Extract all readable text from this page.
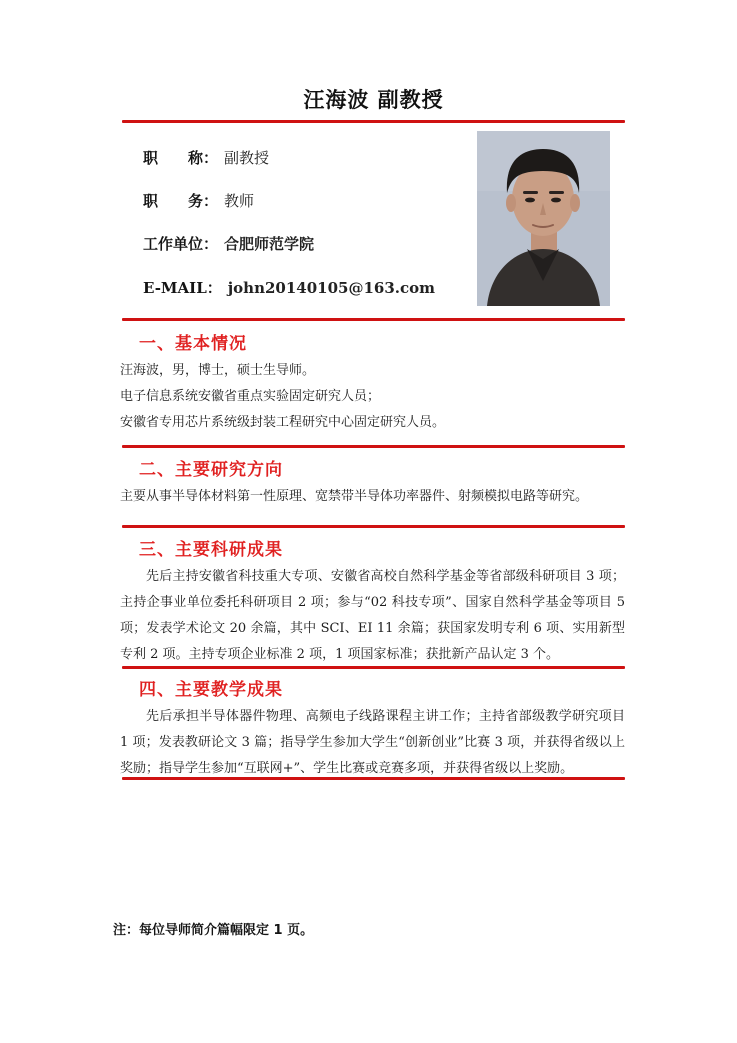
汪海波 副教授
职　　称： 副教授
职　　务： 教师
工作单位： 合肥师范学院
E-MAIL： john20140105@163.com
一、基本情况

汪海波，男，博士，硕士生导师。

电子信息系统安徽省重点实验固定研究人员；

安徽省专用芯片系统级封装工程研究中心固定研究人员。

二、主要研究方向

主要从事半导体材料第一性原理、宽禁带半导体功率器件、射频模拟电路等研究。

三、主要科研成果

先后主持安徽省科技重大专项、安徽省高校自然科学基金等省部级科研项目 3 项；主持企事业单位委托科研项目 2 项；参与“02 科技专项”、国家自然科学基金等项目 5 项；发表学术论文 20 余篇，其中 SCI、EI 11 余篇；获国家发明专利 6 项、实用新型专利 2 项。主持专项企业标准 2 项，1 项国家标准；获批新产品认定 3 个。

四、主要教学成果

先后承担半导体器件物理、高频电子线路课程主讲工作；主持省部级教学研究项目 1 项；发表教研论文 3 篇；指导学生参加大学生“创新创业”比赛 3 项，并获得省级以上奖励；指导学生参加“互联网+”、学生比赛或竞赛多项，并获得省级以上奖励。

注：每位导师简介篇幅限定 1 页。
